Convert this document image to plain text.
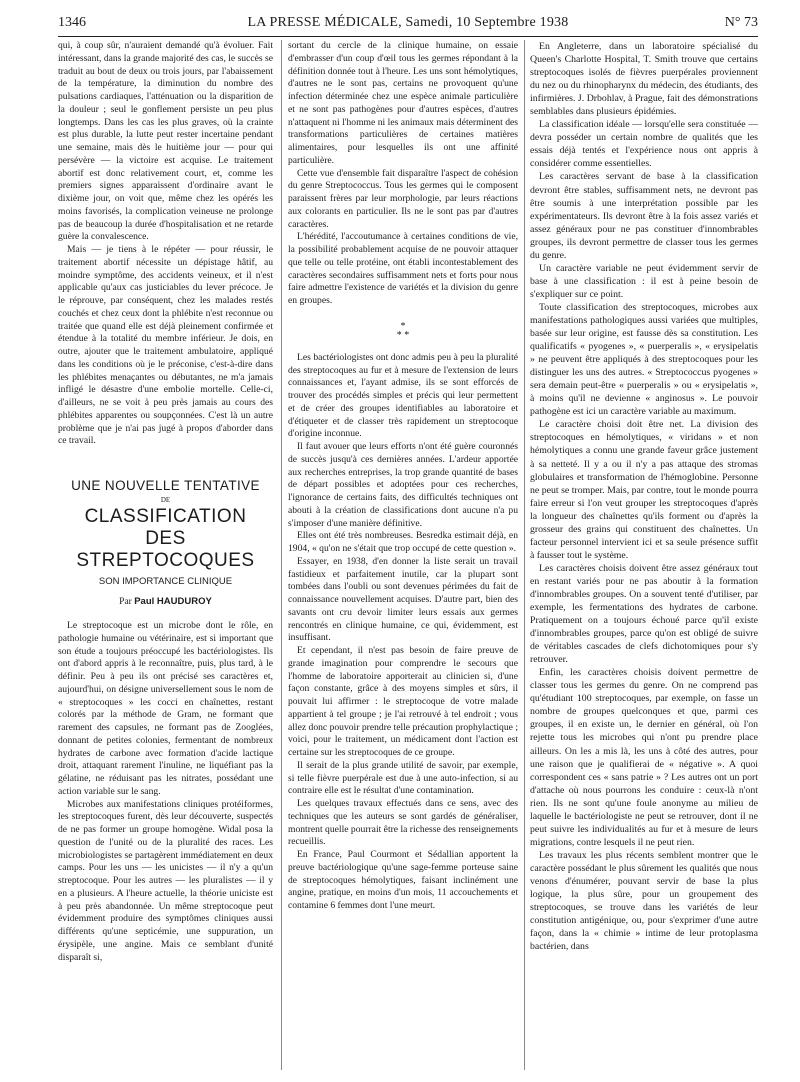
1346	LA PRESSE MÉDICALE, Samedi, 10 Septembre 1938	N° 73

qui, à coup sûr, n'auraient demandé qu'à évoluer. Fait intéressant, dans la grande majorité des cas, le succès se traduit au bout de deux ou trois jours, par l'abaissement de la température, la diminution du nombre des pulsations cardiaques, l'atténuation ou la disparition de la douleur ; seul le gonflement persiste un peu plus longtemps. Dans les cas les plus graves, où la crainte est plus durable, la lutte peut rester incertaine pendant une semaine, mais dès le huitième jour — pour qui persévère — la victoire est acquise. Le traitement abortif est donc relativement court, et, comme les premiers signes apparaissent d'ordinaire avant le dixième jour, on voit que, même chez les opérés les moins favorisés, la complication veineuse ne prolonge pas de beaucoup la durée d'hospitalisation et ne retarde guère la convalescence.

Mais — je tiens à le répéter — pour réussir, le traitement abortif nécessite un dépistage hâtif, au moindre symptôme, des accidents veineux, et il n'est applicable qu'aux cas justiciables du lever précoce. Je le réprouve, par conséquent, chez les malades restés couchés et chez ceux dont la phlébite n'est reconnue ou traitée que quand elle est déjà pleinement confirmée et étendue à la totalité du membre inférieur. Je dois, en outre, ajouter que le traitement ambulatoire, appliqué dans les conditions où je le préconise, c'est-à-dire dans les phlébites menaçantes ou débutantes, ne m'a jamais infligé le désastre d'une embolie mortelle. Celle-ci, d'ailleurs, ne se voit à peu près jamais au cours des phlébites apparentes ou soupçonnées. C'est là un autre problème que je n'ai pas jugé à propos d'aborder dans ce travail.

UNE NOUVELLE TENTATIVE
DE
CLASSIFICATION
DES STREPTOCOQUES
SON IMPORTANCE CLINIQUE
Par Paul HAUDUROY

Le streptocoque est un microbe dont le rôle, en pathologie humaine ou vétérinaire, est si important que son étude a toujours préoccupé les bactériologistes. Ils ont d'abord appris à le reconnaître, puis, plus tard, à le définir. Peu à peu ils ont précisé ses caractères et, aujourd'hui, on désigne universellement sous le nom de « streptocoques » les cocci en chaînettes, restant colorés par la méthode de Gram, ne formant que rarement des capsules, ne formant pas de Zooglées, donnant de petites colonies, fermentant de nombreux hydrates de carbone avec formation d'acide lactique droit, attaquant rarement l'inuline, ne liquéfiant pas la gélatine, ne réduisant pas les nitrates, possédant une action variable sur le sang.

Microbes aux manifestations cliniques protéiformes, les streptocoques furent, dès leur découverte, suspectés de ne pas former un groupe homogène. Widal posa la question de l'unité ou de la pluralité des races. Les microbiologistes se partagèrent immédiatement en deux camps. Pour les uns — les unicistes — il n'y a qu'un streptocoque. Pour les autres — les pluralistes — il y en a plusieurs. A l'heure actuelle, la théorie uniciste est à peu près abandonnée. Un même streptocoque peut évidemment produire des symptômes cliniques aussi différents qu'une septicémie, une suppuration, un érysipèle, une angine. Mais ce semblant d'unité disparaît si,

sortant du cercle de la clinique humaine, on essaie d'embrasser d'un coup d'œil tous les germes répondant à la définition donnée tout à l'heure. Les uns sont hémolytiques, d'autres ne le sont pas, certains ne provoquent qu'une infection déterminée chez une espèce animale particulière et ne sont pas pathogènes pour d'autres espèces, d'autres n'attaquent ni l'homme ni les animaux mais déterminent des transformations particulières de certaines matières alimentaires, pour lesquelles ils ont une affinité particulière.

Cette vue d'ensemble fait disparaître l'aspect de cohésion du genre Streptococcus. Tous les germes qui le composent paraissent frères par leur morphologie, par leurs réactions aux colorants en particulier. Ils ne le sont pas par d'autres caractères.

L'hérédité, l'accoutumance à certaines conditions de vie, la possibilité probablement acquise de ne pouvoir attaquer que telle ou telle protéine, ont établi incontestablement des caractères secondaires suffisamment nets et forts pour nous faire admettre l'existence de variétés et la division du genre en groupes.

*
* *

Les bactériologistes ont donc admis peu à peu la pluralité des streptocoques au fur et à mesure de l'extension de leurs connaissances et, l'ayant admise, ils se sont efforcés de trouver des procédés simples et précis qui leur permettent et de créer des groupes identifiables au laboratoire et d'étiqueter et de classer très rapidement un streptocoque d'origine inconnue.

Il faut avouer que leurs efforts n'ont été guère couronnés de succès jusqu'à ces dernières années. L'ardeur apportée aux recherches entreprises, la trop grande quantité de bases de départ possibles et adoptées pour ces recherches, l'ignorance de certains faits, des difficultés techniques ont abouti à la création de classifications dont aucune n'a pu s'imposer d'une manière définitive.

Elles ont été très nombreuses. Besredka estimait déjà, en 1904, « qu'on ne s'était que trop occupé de cette question ».

Essayer, en 1938, d'en donner la liste serait un travail fastidieux et parfaitement inutile, car la plupart sont tombées dans l'oubli ou sont devenues périmées du fait de connaissance nouvellement acquises. D'autre part, bien des savants ont cru devoir limiter leurs essais aux germes rencontrés en clinique humaine, ce qui, évidemment, est insuffisant.

Et cependant, il n'est pas besoin de faire preuve de grande imagination pour comprendre le secours que l'homme de laboratoire apporterait au clinicien si, d'une façon constante, grâce à des moyens simples et sûrs, il pouvait lui affirmer : le streptocoque de votre malade appartient à tel groupe ; je l'ai retrouvé à tel endroit ; vous allez donc pouvoir prendre telle précaution prophylactique ; voici, pour le traitement, un médicament dont l'action est certaine sur les streptocoques de ce groupe.

Il serait de la plus grande utilité de savoir, par exemple, si telle fièvre puerpérale est due à une auto-infection, si au contraire elle est le résultat d'une contamination.

Les quelques travaux effectués dans ce sens, avec des techniques que les auteurs se sont gardés de généraliser, montrent quelle pourrait être la richesse des renseignements recueillis.

En France, Paul Courmont et Sédallian apportent la preuve bactériologique qu'une sage-femme porteuse saine de streptocoques hémolytiques, faisant inclinément une angine, pratique, en moins d'un mois, 11 accouchements et contamine 6 femmes dont l'une meurt.

En Angleterre, dans un laboratoire spécialisé du Queen's Charlotte Hospital, T. Smith trouve que certains streptocoques isolés de fièvres puerpérales proviennent du nez ou du rhinopharynx du médecin, des étudiants, des infirmières. J. Drbohlav, à Prague, fait des démonstrations semblables dans plusieurs épidémies.

La classification idéale — lorsqu'elle sera constituée — devra posséder un certain nombre de qualités que les essais déjà tentés et l'expérience nous ont appris à considérer comme essentielles.

Les caractères servant de base à la classification devront être stables, suffisamment nets, ne devront pas être soumis à une interprétation possible par les expérimentateurs. Ils devront être à la fois assez variés et assez généraux pour ne pas constituer d'innombrables groupes, ils devront permettre de classer tous les germes du genre.

Un caractère variable ne peut évidemment servir de base à une classification : il est à peine besoin de s'expliquer sur ce point.

Toute classification des streptocoques, microbes aux manifestations pathologiques aussi variées que multiples, basée sur leur origine, est fausse dès sa constitution. Les qualificatifs « pyogenes », « puerperalis », « erysipelatis » ne peuvent être appliqués à des streptocoques pour les distinguer les uns des autres. « Streptococcus pyogenes » sera demain peut-être « puerperalis » ou « erysipelatis », à moins qu'il ne devienne « anginosus ». Le pouvoir pathogène est ici un caractère variable au maximum.

Le caractère choisi doit être net. La division des streptocoques en hémolytiques, « viridans » et non hémolytiques a connu une grande faveur grâce justement à sa netteté. Il y a ou il n'y a pas attaque des stromas globulaires et transformation de l'hémoglobine. Personne ne peut se tromper. Mais, par contre, tout le monde pourra faire erreur si l'on veut grouper les streptocoques d'après la longueur des chaînettes qu'ils forment ou d'après la grosseur des grains qui constituent des chaînettes. Un facteur personnel intervient ici et sa seule présence suffit à fausser tout le système.

Les caractères choisis doivent être assez généraux tout en restant variés pour ne pas aboutir à la formation d'innombrables groupes. On a souvent tenté d'utiliser, par exemple, les fermentations des hydrates de carbone. Pratiquement on a toujours échoué parce qu'il existe d'innombrables groupes, parce qu'on est obligé de suivre de véritables cascades de clefs dichotomiques pour s'y retrouver.

Enfin, les caractères choisis doivent permettre de classer tous les germes du genre. On ne comprend pas qu'étudiant 100 streptocoques, par exemple, on fasse un nombre de groupes quelconques et que, parmi ces groupes, il en existe un, le dernier en général, où l'on rejette tous les microbes qui n'ont pu prendre place ailleurs. On les a mis là, les uns à côté des autres, pour une raison que je qualifierai de « négative ». A quoi correspondent ces « sans patrie » ? Les autres ont un port d'attache où nous pourrons les conduire : ceux-là n'ont rien. Ils ne sont qu'une foule anonyme au milieu de laquelle le bactériologiste ne peut se retrouver, dont il ne peut suivre les individualités au fur et à mesure de leurs migrations, contre lesquels il ne peut rien.

Les travaux les plus récents semblent montrer que le caractère possédant le plus sûrement les qualités que nous venons d'énumérer, pouvant servir de base la plus logique, la plus sûre, pour un groupement des streptocoques, se trouve dans les variétés de leur constitution antigénique, ou, pour s'exprimer d'une autre façon, dans la « chimie » intime de leur protoplasma bactérien, dans
